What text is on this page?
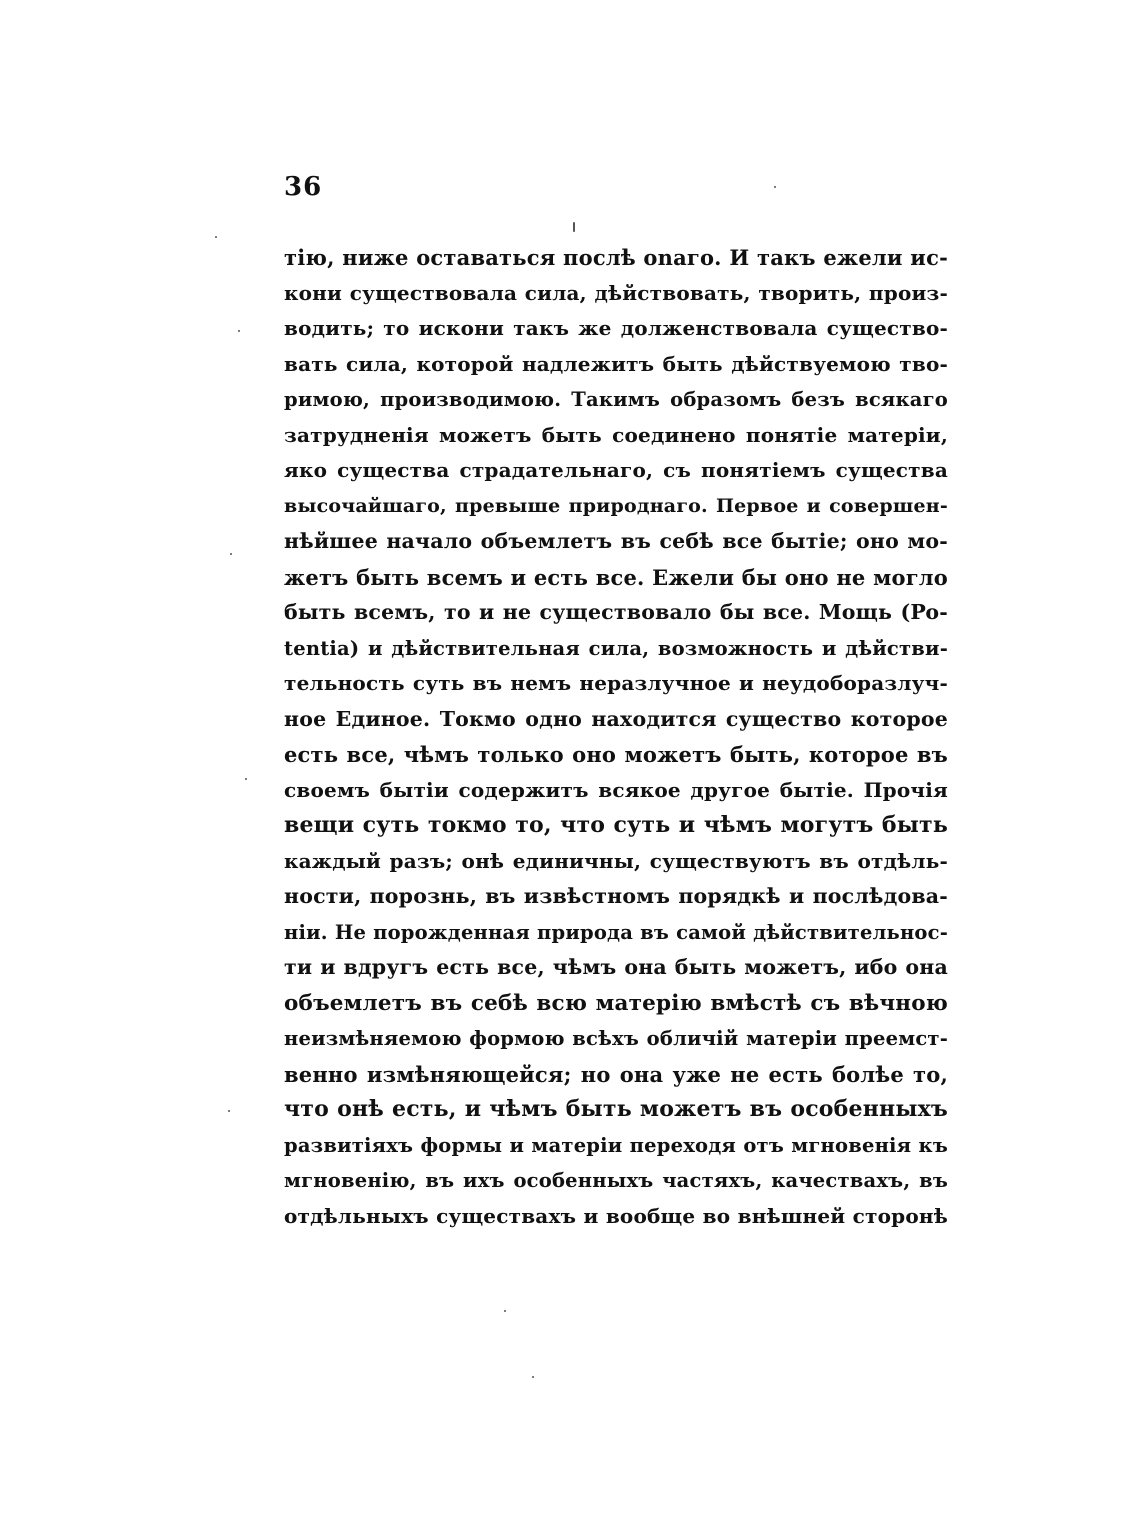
36
тію, ниже оставаться послѣ onaго. И такъ ежели ис-
кони существовала сила, дѣйствовать, творить, произ-
водить; то искони такъ же долженствовала существо-
вать сила, которой надлежитъ быть дѣйствуемою тво-
римою, производимою. Такимъ образомъ безъ всякаго
затрудненія можетъ быть соединено понятіе матеріи,
яко существа страдательнаго, съ понятіемъ существа
высочайшаго, превыше природнаго. Первое и совершен-
нѣйшее начало объемлетъ въ себѣ все бытіе; оно мо-
жетъ быть всемъ и есть все. Ежели бы оно не могло
быть всемъ, то и не существовало бы все. Мощь (Po-
tentia) и дѣйствительная сила, возможность и дѣйстви-
тельность суть въ немъ неразлучное и неудоборазлуч-
ное Единое. Токмо одно находится существо которое
есть все, чѣмъ только оно можетъ быть, которое въ
своемъ бытіи содержитъ всякое другое бытіе. Прочія
вещи суть токмо то, что суть и чѣмъ могутъ быть
каждый разъ; онѣ единичны, существуютъ въ отдѣль-
ности, порознь, въ извѣстномъ порядкѣ и послѣдова-
ніи. Не порожденная природа въ самой дѣйствительнос-
ти и вдругъ есть все, чѣмъ она быть можетъ, ибо она
объемлетъ въ себѣ всю матерію вмѣстѣ съ вѣчною
неизмѣняемою формою всѣхъ обличій матеріи преемст-
венно измѣняющейся; но она уже не есть болѣе то,
что онѣ есть, и чѣмъ быть можетъ въ особенныхъ
развитіяхъ формы и матеріи переходя отъ мгновенія къ
мгновенію, въ ихъ особенныхъ частяхъ, качествахъ, въ
отдѣльныхъ существахъ и вообще во внѣшней сторонѣ
